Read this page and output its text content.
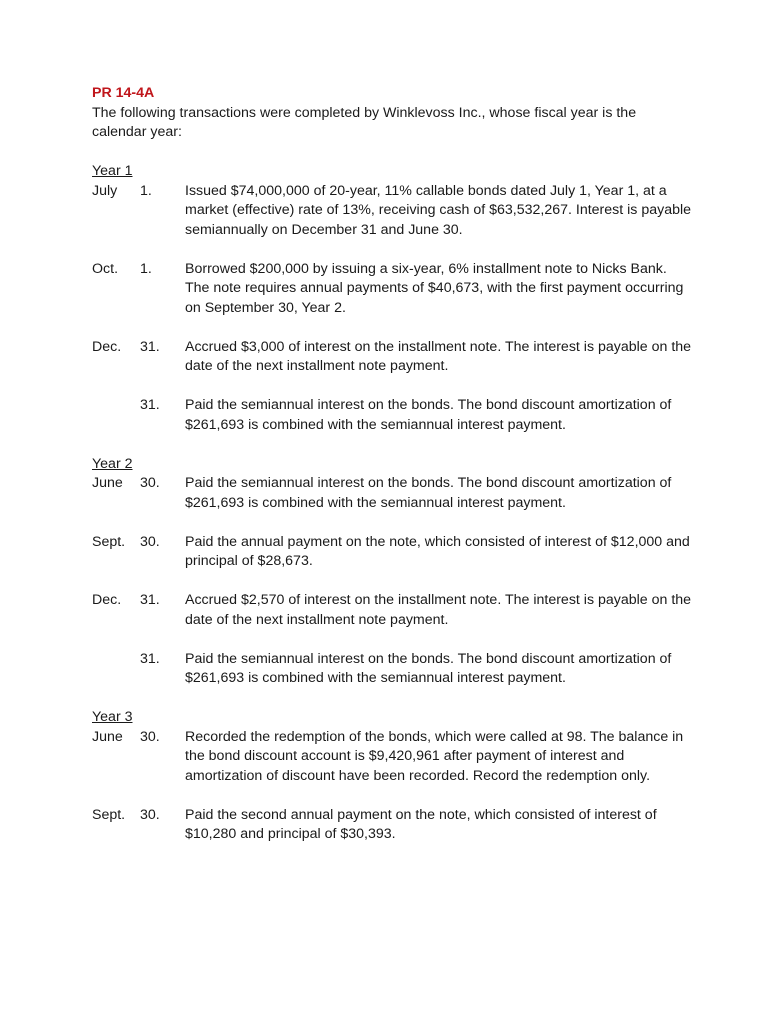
PR 14-4A
The following transactions were completed by Winklevoss Inc., whose fiscal year is the calendar year:
Year 1
July 1. Issued $74,000,000 of 20-year, 11% callable bonds dated July 1, Year 1, at a market (effective) rate of 13%, receiving cash of $63,532,267. Interest is payable semiannually on December 31 and June 30.
Oct. 1. Borrowed $200,000 by issuing a six-year, 6% installment note to Nicks Bank. The note requires annual payments of $40,673, with the first payment occurring on September 30, Year 2.
Dec. 31. Accrued $3,000 of interest on the installment note. The interest is payable on the date of the next installment note payment.
31. Paid the semiannual interest on the bonds. The bond discount amortization of $261,693 is combined with the semiannual interest payment.
Year 2
June 30. Paid the semiannual interest on the bonds. The bond discount amortization of $261,693 is combined with the semiannual interest payment.
Sept. 30. Paid the annual payment on the note, which consisted of interest of $12,000 and principal of $28,673.
Dec. 31. Accrued $2,570 of interest on the installment note. The interest is payable on the date of the next installment note payment.
31. Paid the semiannual interest on the bonds. The bond discount amortization of $261,693 is combined with the semiannual interest payment.
Year 3
June 30. Recorded the redemption of the bonds, which were called at 98. The balance in the bond discount account is $9,420,961 after payment of interest and amortization of discount have been recorded. Record the redemption only.
Sept. 30. Paid the second annual payment on the note, which consisted of interest of $10,280 and principal of $30,393.
